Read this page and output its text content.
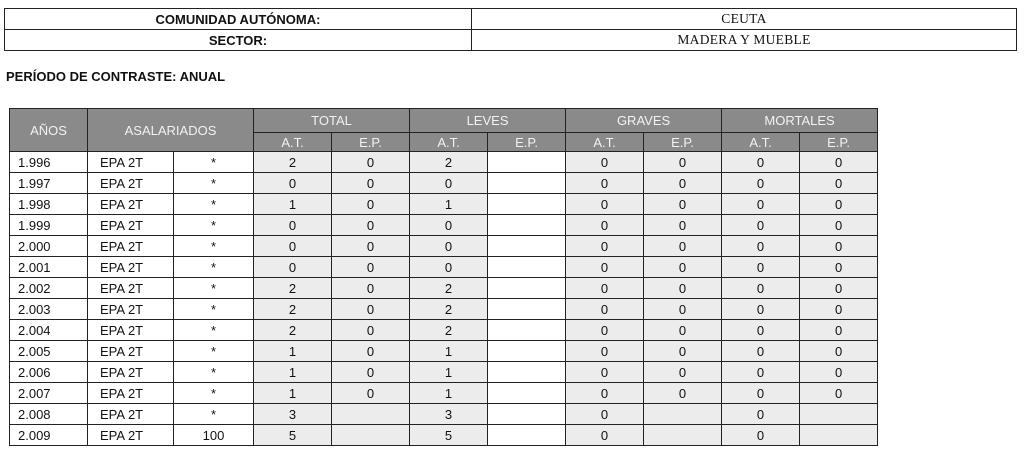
COMUNIDAD AUTÓNOMA:	CEUTA
SECTOR:	MADERA Y MUEBLE
PERÍODO DE CONTRASTE: ANUAL
AÑOS	ASALARIADOS		TOTAL		LEVES		GRAVES		MORTALES	
			A.T.	E.P.	A.T.	E.P.	A.T.	E.P.	A.T.	E.P.
1.996	EPA 2T	*	2	0	2		0	0	0	0
1.997	EPA 2T	*	0	0	0		0	0	0	0
1.998	EPA 2T	*	1	0	1		0	0	0	0
1.999	EPA 2T	*	0	0	0		0	0	0	0
2.000	EPA 2T	*	0	0	0		0	0	0	0
2.001	EPA 2T	*	0	0	0		0	0	0	0
2.002	EPA 2T	*	2	0	2		0	0	0	0
2.003	EPA 2T	*	2	0	2		0	0	0	0
2.004	EPA 2T	*	2	0	2		0	0	0	0
2.005	EPA 2T	*	1	0	1		0	0	0	0
2.006	EPA 2T	*	1	0	1		0	0	0	0
2.007	EPA 2T	*	1	0	1		0	0	0	0
2.008	EPA 2T	*	3		3		0		0	
2.009	EPA 2T	100	5		5		0		0	
